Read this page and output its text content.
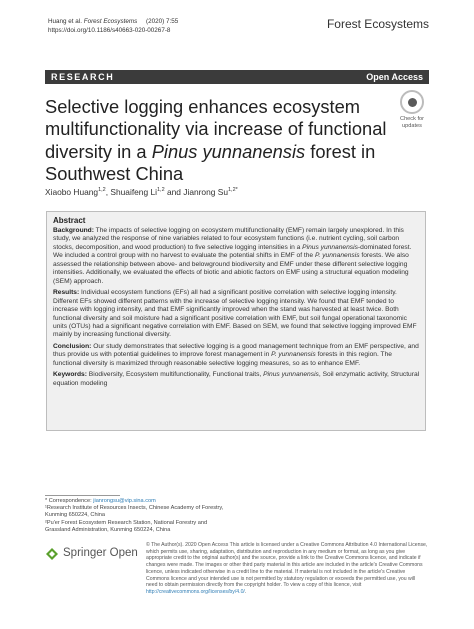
Huang et al. Forest Ecosystems (2020) 7:55
https://doi.org/10.1186/s40663-020-00267-8	Forest Ecosystems
RESEARCH	Open Access
Selective logging enhances ecosystem multifunctionality via increase of functional diversity in a Pinus yunnanensis forest in Southwest China
Check for
updates
Xiaobo Huang$^{1,2}$, Shuaifeng Li$^{1,2}$ and Jianrong $Su^{1,2*}$
Abstract

Background: The impacts of selective logging on ecosystem multifunctionality (EMF) remain largely unexplored. In this study, we analyzed the response of nine variables related to four ecosystem functions (i.e. nutrient cycling, soil carbon stocks, decomposition, and wood production) to five selective logging intensities in a Pinus yunnanensis-dominated forest. We included a control group with no harvest to evaluate the potential shifts in EMF of the P. yunnanensis forests. We also assessed the relationship between above- and belowground biodiversity and EMF under these different selective logging intensities. Additionally, we evaluated the effects of biotic and abiotic factors on EMF using a structural equation modeling (SEM) approach.

Results: Individual ecosystem functions (EFs) all had a significant positive correlation with selective logging intensity. Different EFs showed different patterns with the increase of selective logging intensity. We found that EMF tended to increase with logging intensity, and that EMF significantly improved when the stand was harvested at least twice. Both functional diversity and soil moisture had a significant positive correlation with EMF, but soil fungal operational taxonomic units (OTUs) had a significant negative correlation with EMF. Based on SEM, we found that selective logging improved EMF mainly by increasing functional diversity.

Conclusion: Our study demonstrates that selective logging is a good management technique from an EMF perspective, and thus provide us with potential guidelines to improve forest management in P. yunnanensis forests in this region. The functional diversity is maximized through reasonable selective logging measures, so as to enhance EMF.

Keywords: Biodiversity, Ecosystem multifunctionality, Functional traits, Pinus yunnanensis, Soil enzymatic activity, Structural equation modeling

* Correspondence: jianrongsu@vip.sina.com
¹Research Institute of Resources Insects, Chinese Academy of Forestry, Kunming 650224, China
²Pu'er Forest Ecosystem Research Station, National Forestry and Grassland Administration, Kunming 650224, China
Springer Open
© The Author(s). 2020 Open Access This article is licensed under a Creative Commons Attribution 4.0 International License, which permits use, sharing, adaptation, distribution and reproduction in any medium or format, as long as you give appropriate credit to the original author(s) and the source, provide a link to the Creative Commons licence, and indicate if changes were made. The images or other third party material in this article are included in the article's Creative Commons licence, unless indicated otherwise in a credit line to the material. If material is not included in the article's Creative Commons licence and your intended use is not permitted by statutory regulation or exceeds the permitted use, you will need to obtain permission directly from the copyright holder. To view a copy of this licence, visit http://creativecommons.org/licenses/by/4.0/.
